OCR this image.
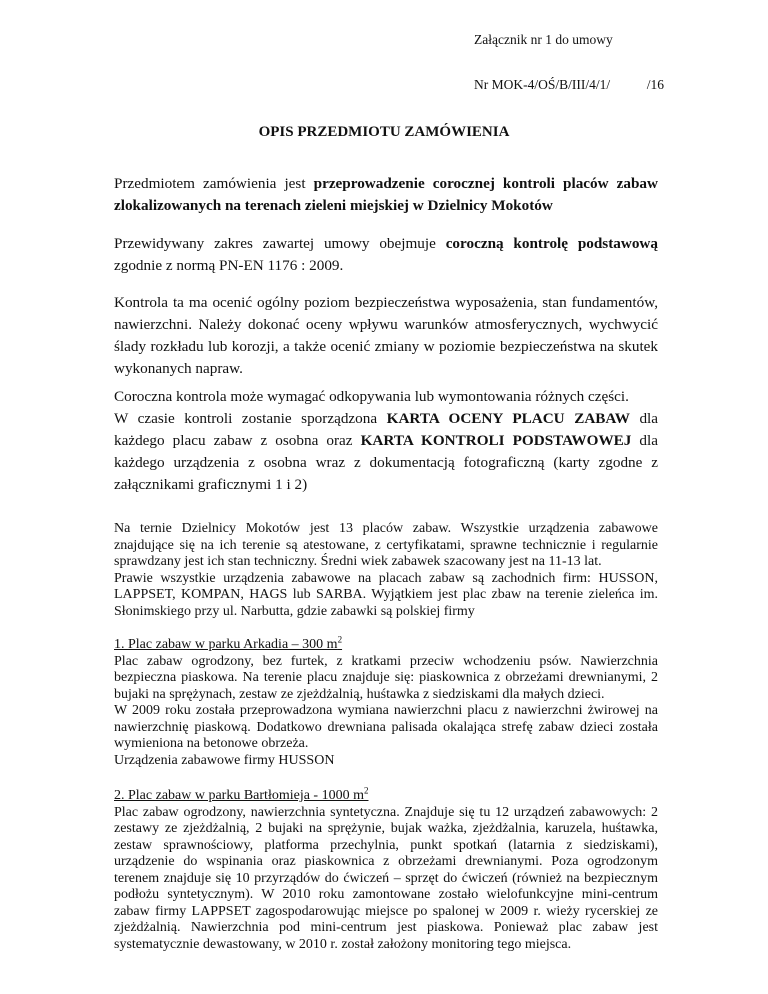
Załącznik nr 1 do umowy
Nr MOK-4/OŚ/B/III/4/1/	/16
OPIS PRZEDMIOTU ZAMÓWIENIA

Przedmiotem zamówienia jest przeprowadzenie corocznej kontroli placów zabaw zlokalizowanych na terenach zieleni miejskiej w Dzielnicy Mokotów

Przewidywany zakres zawartej umowy obejmuje coroczną kontrolę podstawową zgodnie z normą PN-EN 1176 : 2009.

Kontrola ta ma ocenić ogólny poziom bezpieczeństwa wyposażenia, stan fundamentów, nawierzchni. Należy dokonać oceny wpływu warunków atmosferycznych, wychwycić ślady rozkładu lub korozji, a także ocenić zmiany w poziomie bezpieczeństwa na skutek wykonanych napraw.

Coroczna kontrola może wymagać odkopywania lub wymontowania różnych części.

W czasie kontroli zostanie sporządzona KARTA OCENY PLACU ZABAW dla każdego placu zabaw z osobna oraz KARTA KONTROLI PODSTAWOWEJ dla każdego urządzenia z osobna wraz z dokumentacją fotograficzną (karty zgodne z załącznikami graficznymi 1 i 2)

Na ternie Dzielnicy Mokotów jest 13 placów zabaw. Wszystkie urządzenia zabawowe znajdujące się na ich terenie są atestowane, z certyfikatami, sprawne technicznie i regularnie sprawdzany jest ich stan techniczny. Średni wiek zabawek szacowany jest na 11-13 lat.

Prawie wszystkie urządzenia zabawowe na placach zabaw są zachodnich firm: HUSSON, LAPPSET, KOMPAN, HAGS lub SARBA. Wyjątkiem jest plac zbaw na terenie zieleńca im. Słonimskiego przy ul. Narbutta, gdzie zabawki są polskiej firmy

1. Plac zabaw w parku Arkadia – 300 $m^2$

Plac zabaw ogrodzony, bez furtek, z kratkami przeciw wchodzeniu psów. Nawierzchnia bezpieczna piaskowa. Na terenie placu znajduje się: piaskownica z obrzeżami drewnianymi, 2 bujaki na sprężynach, zestaw ze zjeżdżalnią, huśtawka z siedziskami dla małych dzieci.

W 2009 roku została przeprowadzona wymiana nawierzchni placu z nawierzchni żwirowej na nawierzchnię piaskową. Dodatkowo drewniana palisada okalająca strefę zabaw dzieci została wymieniona na betonowe obrzeża.

Urządzenia zabawowe firmy HUSSON

2. Plac zabaw w parku Bartłomieja - 1000 $m^2$

Plac zabaw ogrodzony, nawierzchnia syntetyczna. Znajduje się tu 12 urządzeń zabawowych: 2 zestawy ze zjeżdżalnią, 2 bujaki na sprężynie, bujak ważka, zjeżdżalnia, karuzela, huśtawka, zestaw sprawnościowy, platforma przechylnia, punkt spotkań (latarnia z siedziskami), urządzenie do wspinania oraz piaskownica z obrzeżami drewnianymi. Poza ogrodzonym terenem znajduje się 10 przyrządów do ćwiczeń – sprzęt do ćwiczeń (również na bezpiecznym podłożu syntetycznym). W 2010 roku zamontowane zostało wielofunkcyjne mini-centrum zabaw firmy LAPPSET zagospodarowując miejsce po spalonej w 2009 r. wieży rycerskiej ze zjeżdżalnią. Nawierzchnia pod mini-centrum jest piaskowa. Ponieważ plac zabaw jest systematycznie dewastowany, w 2010 r. został założony monitoring tego miejsca.
